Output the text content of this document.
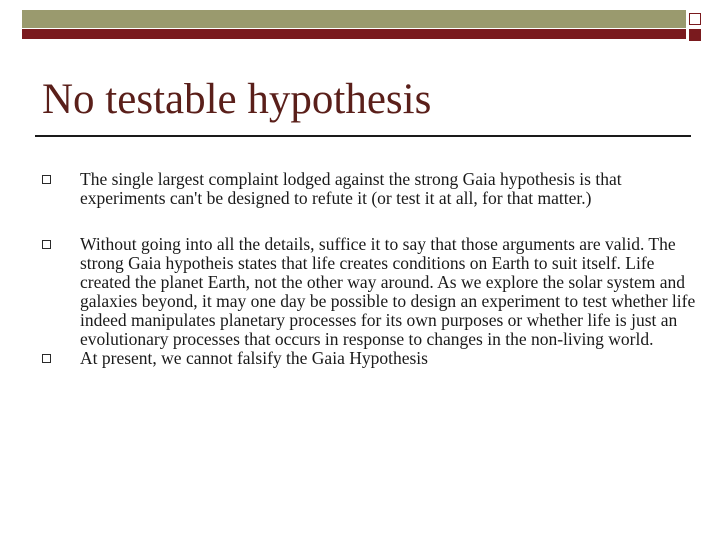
No testable hypothesis
The single largest complaint lodged against the strong Gaia hypothesis is that experiments can't be designed to refute it (or test it at all, for that matter.)
Without going into all the details, suffice it to say that those arguments are valid. The strong Gaia hypotheis states that life creates conditions on Earth to suit itself. Life created the planet Earth, not the other way around. As we explore the solar system and galaxies beyond, it may one day be possible to design an experiment to test whether life indeed manipulates planetary processes for its own purposes or whether life is just an evolutionary processes that occurs in response to changes in the non-living world.
At present, we cannot falsify the Gaia Hypothesis
